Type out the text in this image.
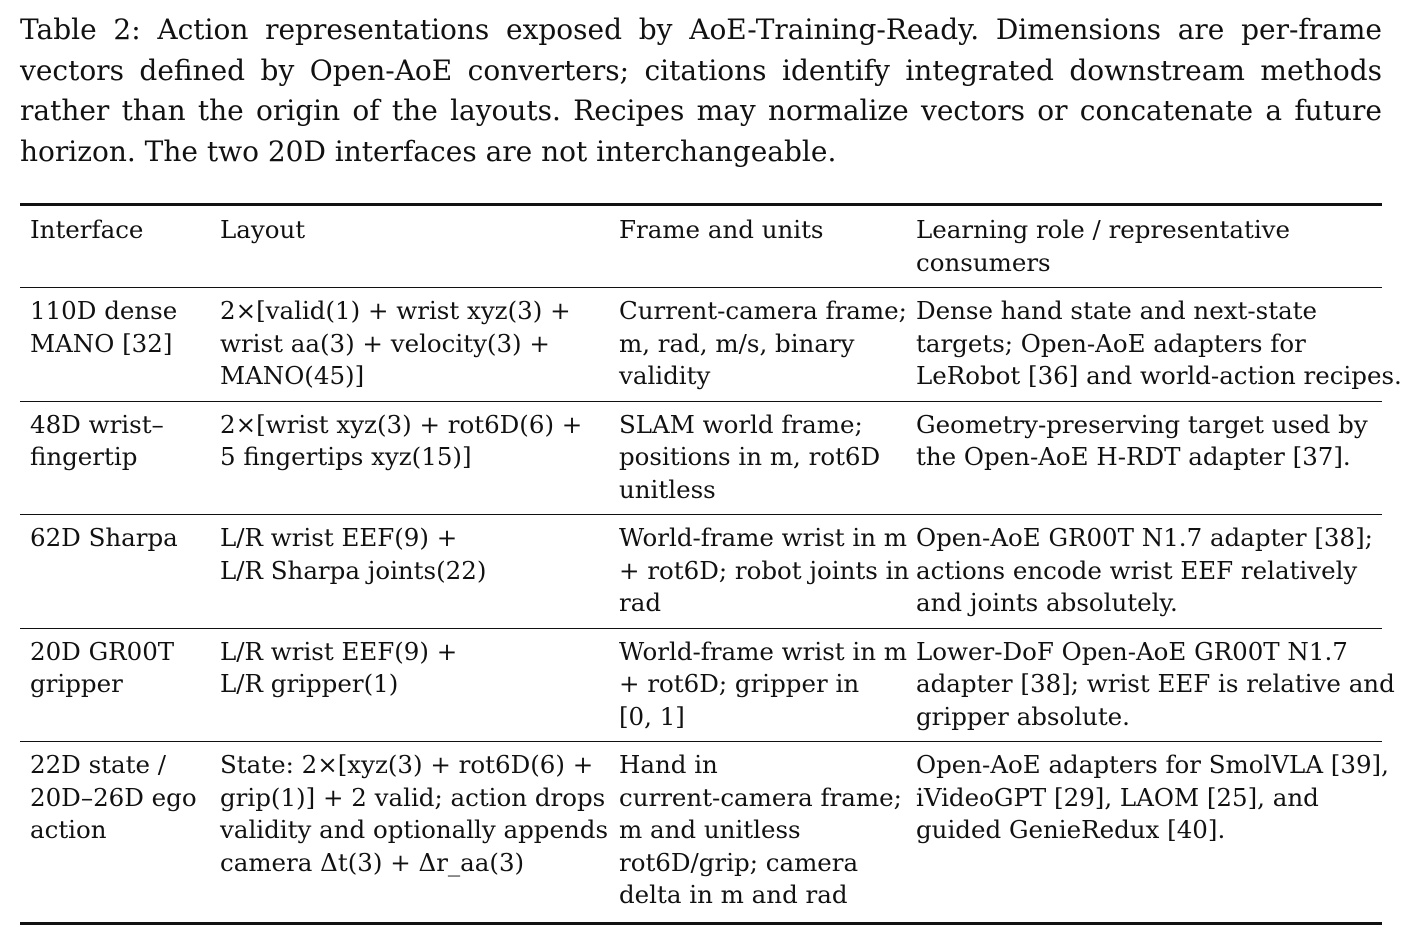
Table 2: Action representations exposed by AoE-Training-Ready. Dimensions are per-frame vectors defined by Open-AoE converters; citations identify integrated downstream methods rather than the origin of the layouts. Recipes may normalize vectors or concatenate a future horizon. The two 20D interfaces are not interchangeable.

Interface	Layout	Frame and units	Learning role / representative consumers

110D dense
MANO [32]	2×[valid(1) + wrist xyz(3) +
wrist aa(3) + velocity(3) +
MANO(45)]	Current-camera frame;
m, rad, m/s, binary
validity	Dense hand state and next-state
targets; Open-AoE adapters for
LeRobot [36] and world-action recipes.

48D wrist–
fingertip	2×[wrist xyz(3) + rot6D(6) +
5 fingertips xyz(15)]	SLAM world frame;
positions in m, rot6D
unitless	Geometry-preserving target used by
the Open-AoE H-RDT adapter [37].

62D Sharpa	L/R wrist EEF(9) +
L/R Sharpa joints(22)	World-frame wrist in m
+ rot6D; robot joints in
rad	Open-AoE GR00T N1.7 adapter [38];
actions encode wrist EEF relatively
and joints absolutely.

20D GR00T
gripper	L/R wrist EEF(9) +
L/R gripper(1)	World-frame wrist in m
+ rot6D; gripper in
[0, 1]	Lower-DoF Open-AoE GR00T N1.7
adapter [38]; wrist EEF is relative and
gripper absolute.

22D state /
20D–26D ego
action	State: 2×[xyz(3) + rot6D(6) +
grip(1)] + 2 valid; action drops
validity and optionally appends
camera Δt(3) + Δr_aa(3)	Hand in
current-camera frame;
m and unitless
rot6D/grip; camera
delta in m and rad	Open-AoE adapters for SmolVLA [39],
iVideoGPT [29], LAOM [25], and
guided GenieRedux [40].
